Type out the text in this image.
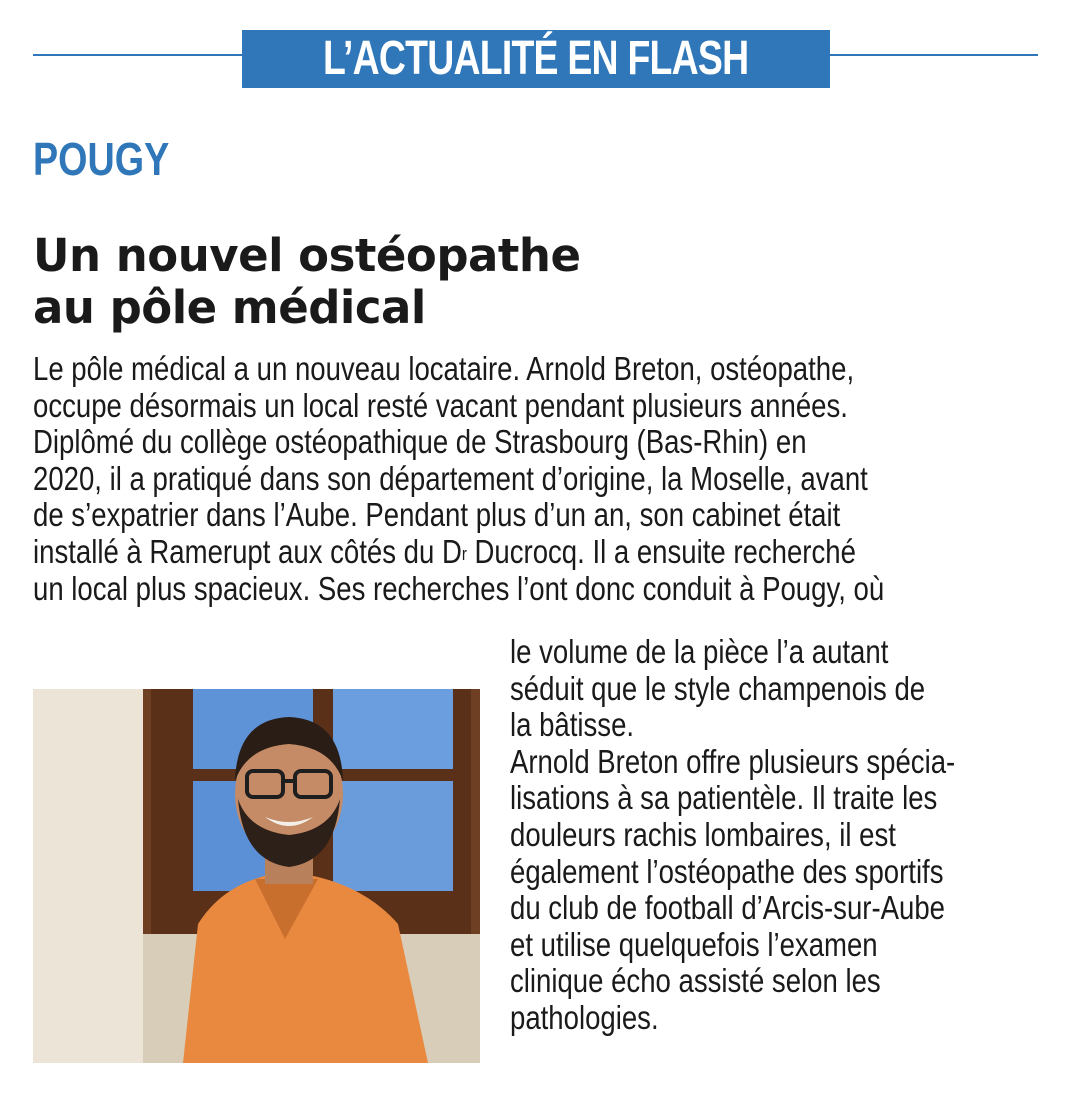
L’ACTUALITÉ EN FLASH
POUGY
Un nouvel ostéopathe
au pôle médical
Le pôle médical a un nouveau locataire. Arnold Breton, ostéopathe,
occupe désormais un local resté vacant pendant plusieurs années.
Diplômé du collège ostéopathique de Strasbourg (Bas-Rhin) en
2020, il a pratiqué dans son département d’origine, la Moselle, avant
de s’expatrier dans l’Aube. Pendant plus d’un an, son cabinet était
installé à Ramerupt aux côtés du $D^r$ Ducrocq. Il a ensuite recherché
un local plus spacieux. Ses recherches l’ont donc conduit à Pougy, où
le volume de la pièce l’a autant
séduit que le style champenois de
la bâtisse.
Arnold Breton offre plusieurs spécia-
lisations à sa patientèle. Il traite les
douleurs rachis lombaires, il est
également l’ostéopathe des sportifs
du club de football d’Arcis-sur-Aube
et utilise quelquefois l’examen
clinique écho assisté selon les
pathologies.
